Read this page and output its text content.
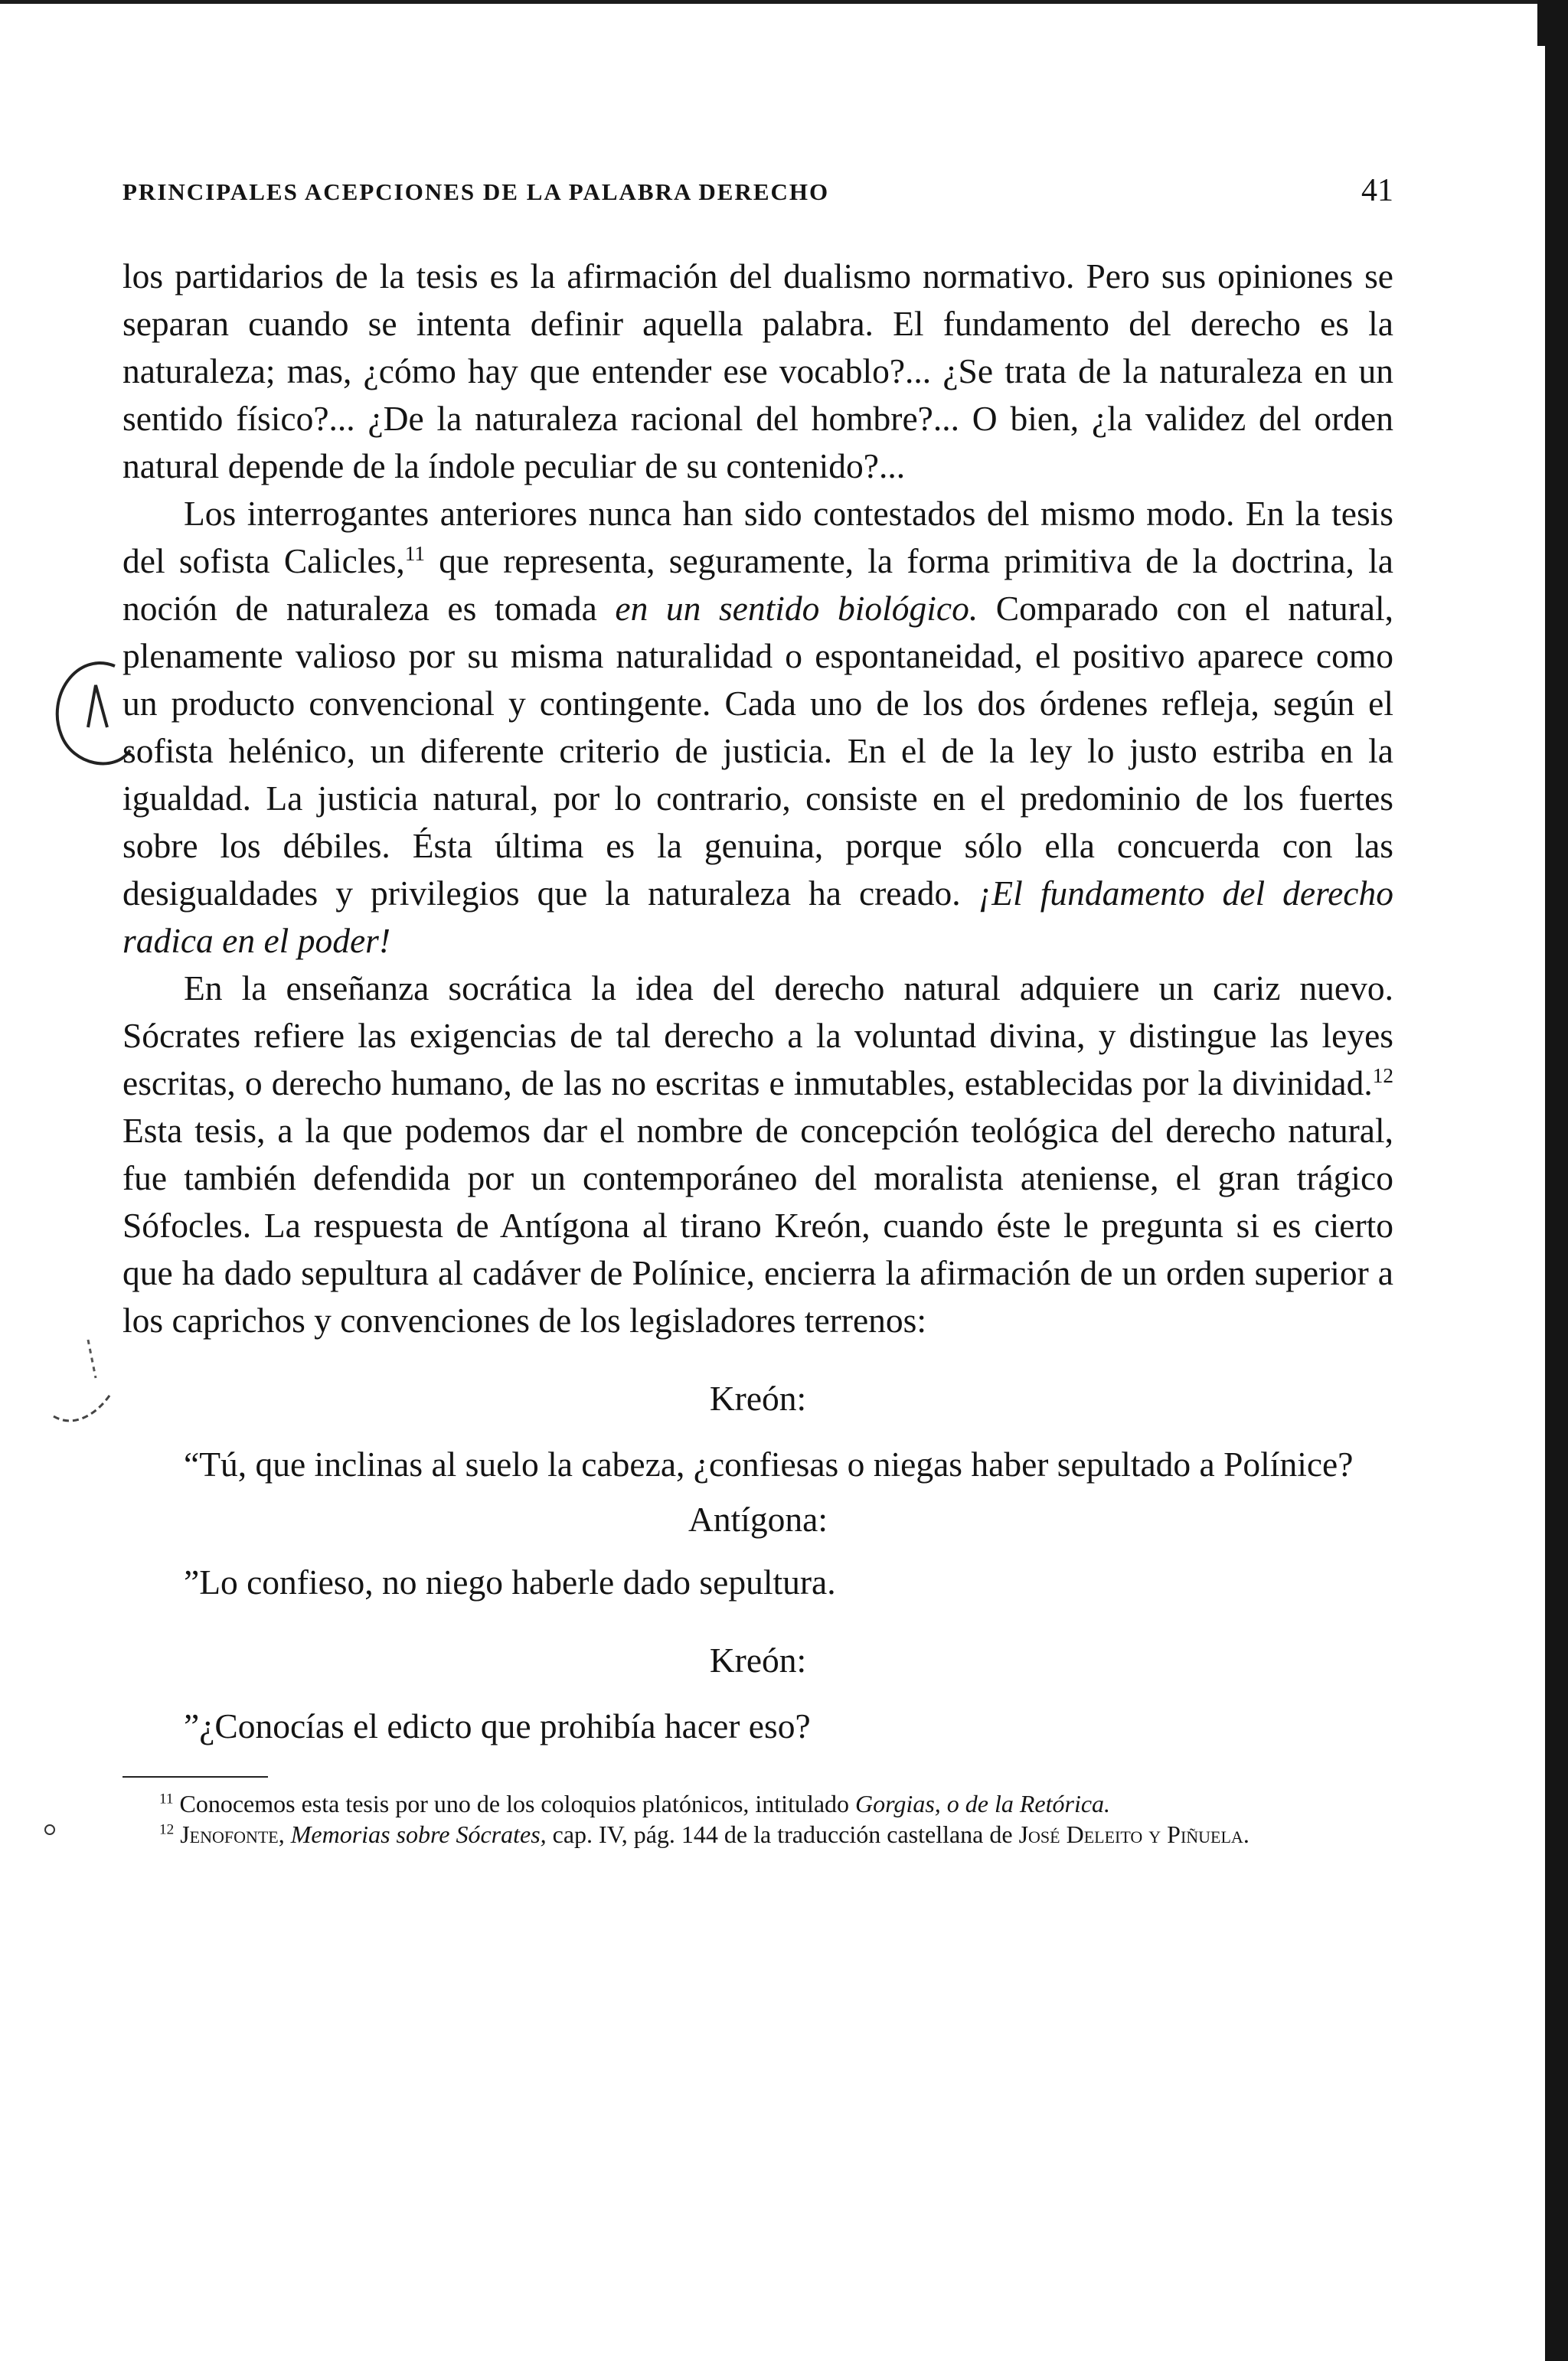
PRINCIPALES ACEPCIONES DE LA PALABRA DERECHO	41

los partidarios de la tesis es la afirmación del dualismo normativo. Pero sus opiniones se separan cuando se intenta definir aquella palabra. El fundamento del derecho es la naturaleza; mas, ¿cómo hay que entender ese vocablo?... ¿Se trata de la naturaleza en un sentido físico?... ¿De la naturaleza racional del hombre?... O bien, ¿la validez del orden natural depende de la índole peculiar de su contenido?...

Los interrogantes anteriores nunca han sido contestados del mismo modo. En la tesis del sofista Calicles,$^{11}$ que representa, seguramente, la forma primitiva de la doctrina, la noción de naturaleza es tomada en un sentido biológico. Comparado con el natural, plenamente valioso por su misma naturalidad o espontaneidad, el positivo aparece como un producto convencional y contingente. Cada uno de los dos órdenes refleja, según el sofista helénico, un diferente criterio de justicia. En el de la ley lo justo estriba en la igualdad. La justicia natural, por lo contrario, consiste en el predominio de los fuertes sobre los débiles. Ésta última es la genuina, porque sólo ella concuerda con las desigualdades y privilegios que la naturaleza ha creado. ¡El fundamento del derecho radica en el poder!

En la enseñanza socrática la idea del derecho natural adquiere un cariz nuevo. Sócrates refiere las exigencias de tal derecho a la voluntad divina, y distingue las leyes escritas, o derecho humano, de las no escritas e inmutables, establecidas por la divinidad.$^{12}$ Esta tesis, a la que podemos dar el nombre de concepción teológica del derecho natural, fue también defendida por un contemporáneo del moralista ateniense, el gran trágico Sófocles. La respuesta de Antígona al tirano Kreón, cuando éste le pregunta si es cierto que ha dado sepultura al cadáver de Polínice, encierra la afirmación de un orden superior a los caprichos y convenciones de los legisladores terrenos:

Kreón:

“Tú, que inclinas al suelo la cabeza, ¿confiesas o niegas haber sepultado a Polínice?

Antígona:

”Lo confieso, no niego haberle dado sepultura.

Kreón:

”¿Conocías el edicto que prohibía hacer eso?

$^{11}$ Conocemos esta tesis por uno de los coloquios platónicos, intitulado Gorgias, o de la Retórica.

$^{12}$ Jenofonte, Memorias sobre Sócrates, cap. IV, pág. 144 de la traducción castellana de José Deleito y Piñuela.
